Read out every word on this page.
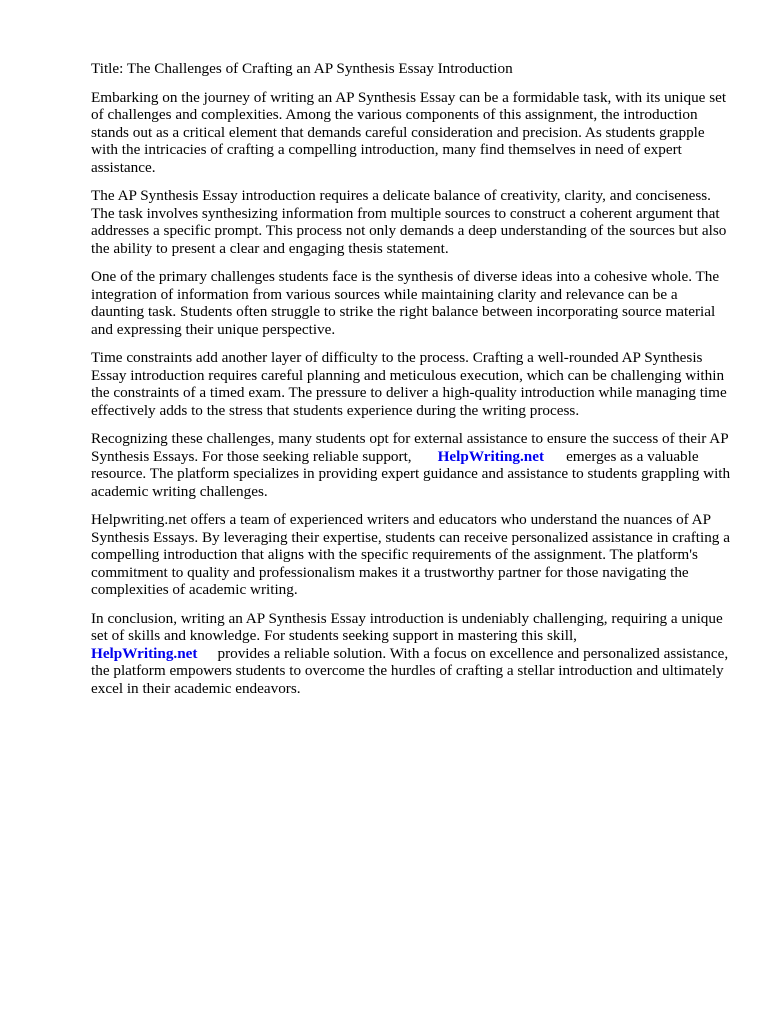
Title: The Challenges of Crafting an AP Synthesis Essay Introduction

Embarking on the journey of writing an AP Synthesis Essay can be a formidable task, with its unique set of challenges and complexities. Among the various components of this assignment, the introduction stands out as a critical element that demands careful consideration and precision. As students grapple with the intricacies of crafting a compelling introduction, many find themselves in need of expert assistance.

The AP Synthesis Essay introduction requires a delicate balance of creativity, clarity, and conciseness. The task involves synthesizing information from multiple sources to construct a coherent argument that addresses a specific prompt. This process not only demands a deep understanding of the sources but also the ability to present a clear and engaging thesis statement.

One of the primary challenges students face is the synthesis of diverse ideas into a cohesive whole. The integration of information from various sources while maintaining clarity and relevance can be a daunting task. Students often struggle to strike the right balance between incorporating source material and expressing their unique perspective.

Time constraints add another layer of difficulty to the process. Crafting a well-rounded AP Synthesis Essay introduction requires careful planning and meticulous execution, which can be challenging within the constraints of a timed exam. The pressure to deliver a high-quality introduction while managing time effectively adds to the stress that students experience during the writing process.

Recognizing these challenges, many students opt for external assistance to ensure the success of their AP Synthesis Essays. For those seeking reliable support, HelpWriting.net emerges as a valuable resource. The platform specializes in providing expert guidance and assistance to students grappling with academic writing challenges.

Helpwriting.net offers a team of experienced writers and educators who understand the nuances of AP Synthesis Essays. By leveraging their expertise, students can receive personalized assistance in crafting a compelling introduction that aligns with the specific requirements of the assignment. The platform's commitment to quality and professionalism makes it a trustworthy partner for those navigating the complexities of academic writing.

In conclusion, writing an AP Synthesis Essay introduction is undeniably challenging, requiring a unique set of skills and knowledge. For students seeking support in mastering this skill, HelpWriting.net provides a reliable solution. With a focus on excellence and personalized assistance, the platform empowers students to overcome the hurdles of crafting a stellar introduction and ultimately excel in their academic endeavors.
